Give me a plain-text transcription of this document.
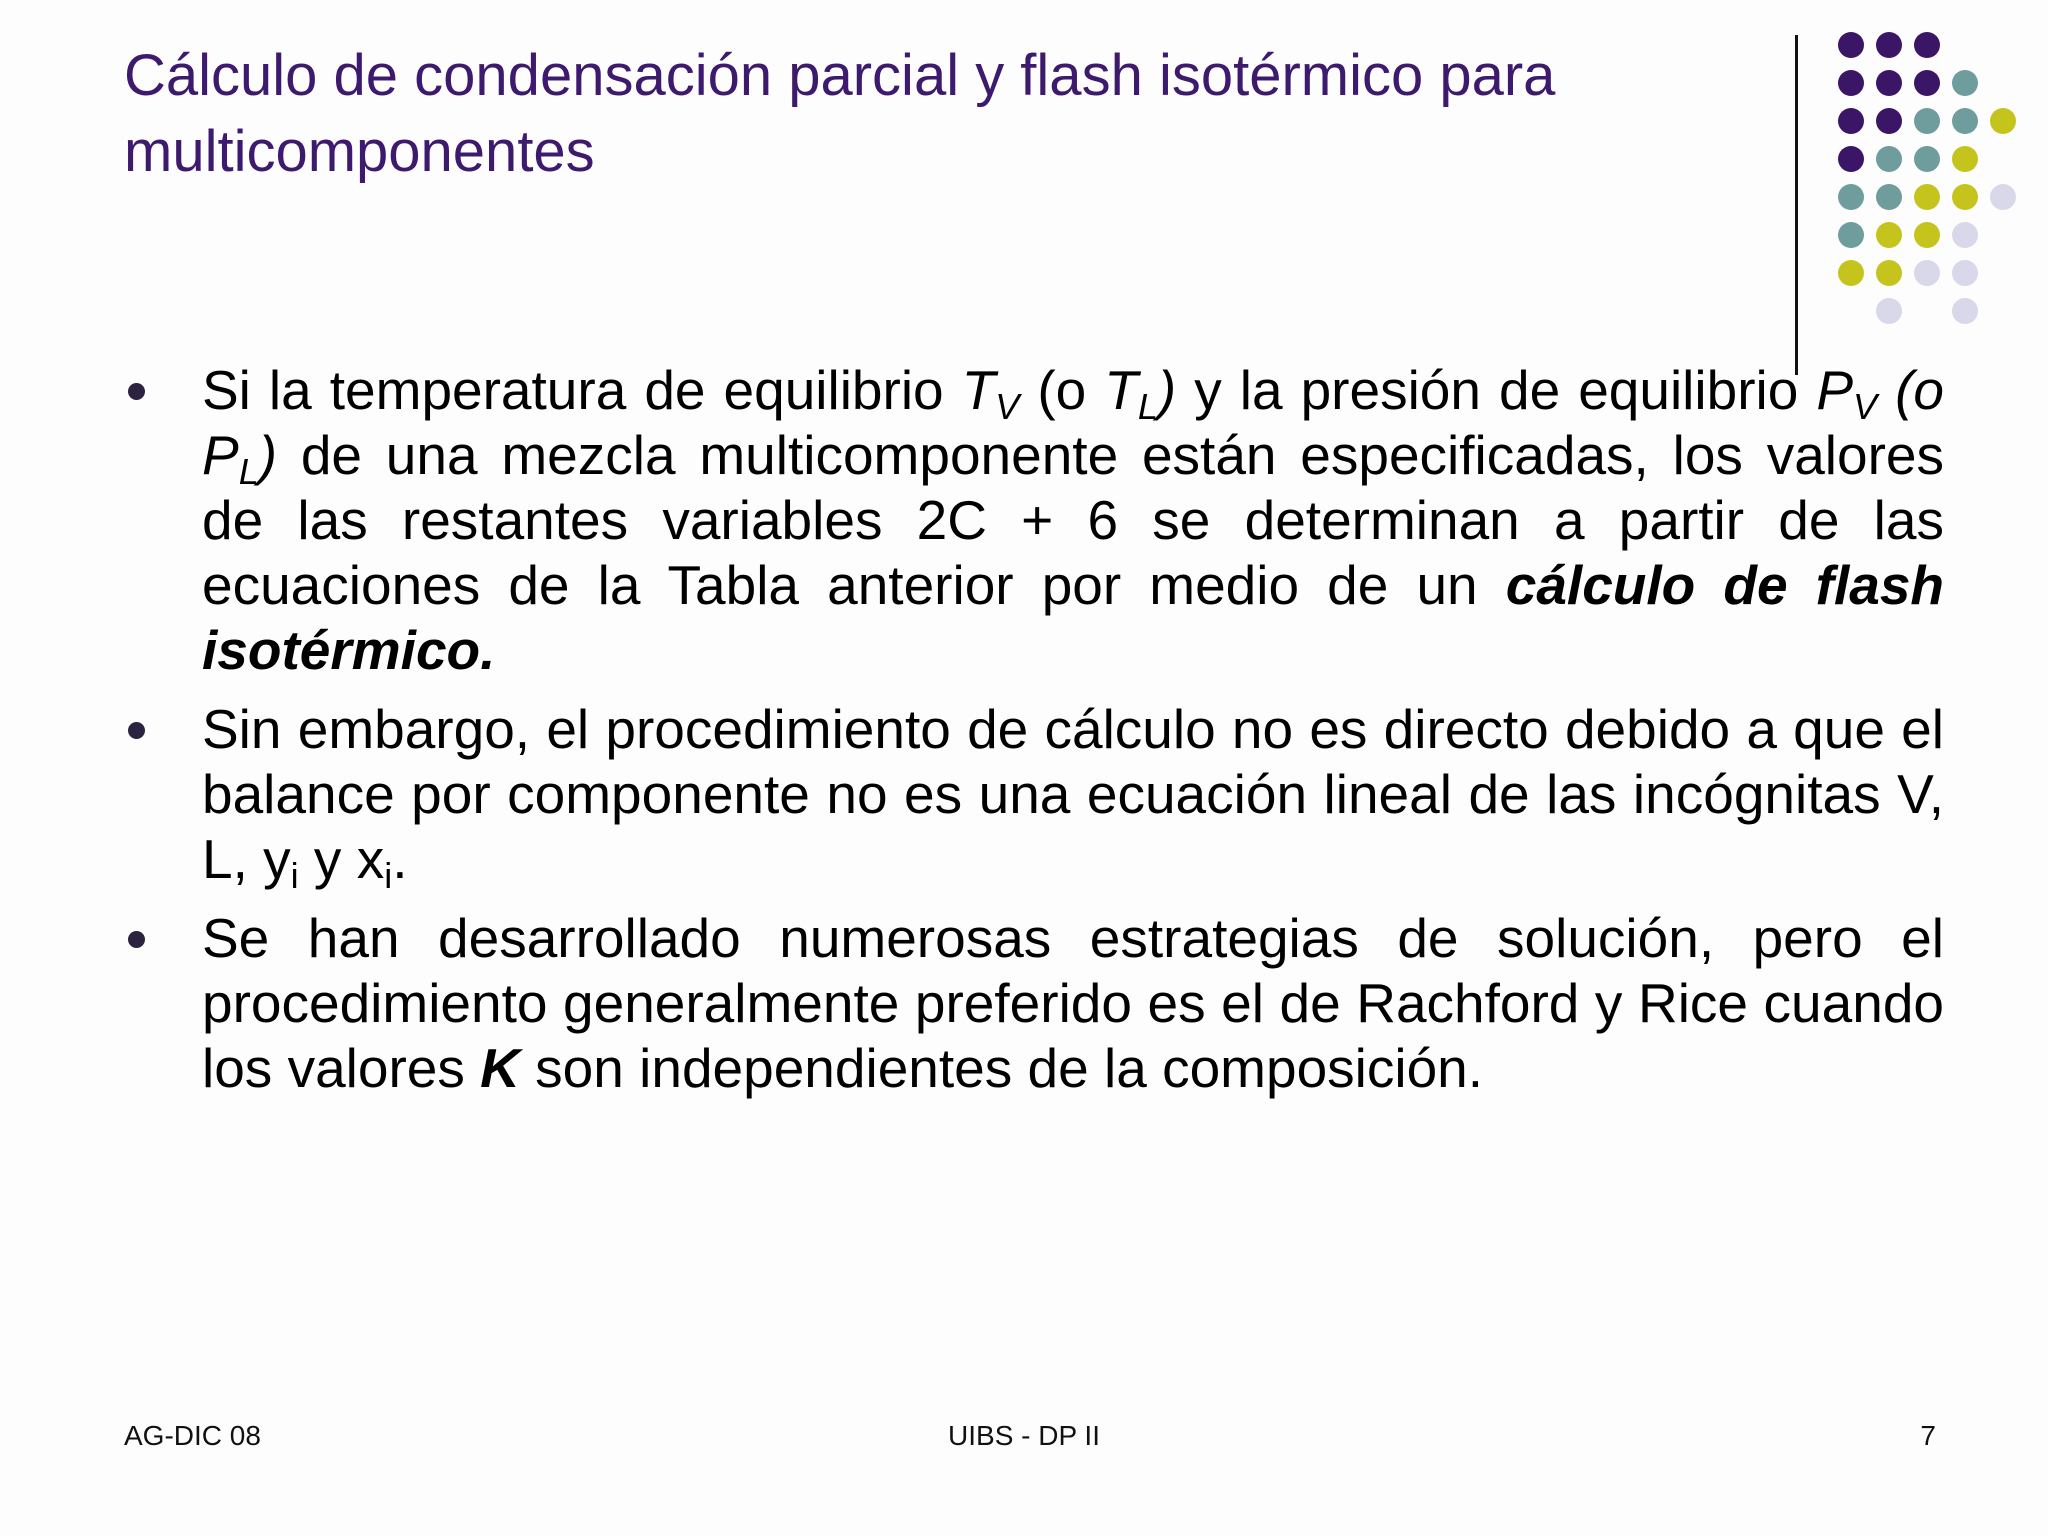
Cálculo de condensación parcial y flash isotérmico para multicomponentes
Si la temperatura de equilibrio $T_V$ (o $T_L$) y la presión de equilibrio $P_V$ (o $P_L$) de una mezcla multicomponente están especificadas, los valores de las restantes variables 2C + 6 se determinan a partir de las ecuaciones de la Tabla anterior por medio de un cálculo de flash isotérmico.
Sin embargo, el procedimiento de cálculo no es directo debido a que el balance por componente no es una ecuación lineal de las incógnitas V, L, $y_i$ y $x_i$.
Se han desarrollado numerosas estrategias de solución, pero el procedimiento generalmente preferido es el de Rachford y Rice cuando los valores K son independientes de la composición.
AG-DIC 08	UIBS - DP II	7
